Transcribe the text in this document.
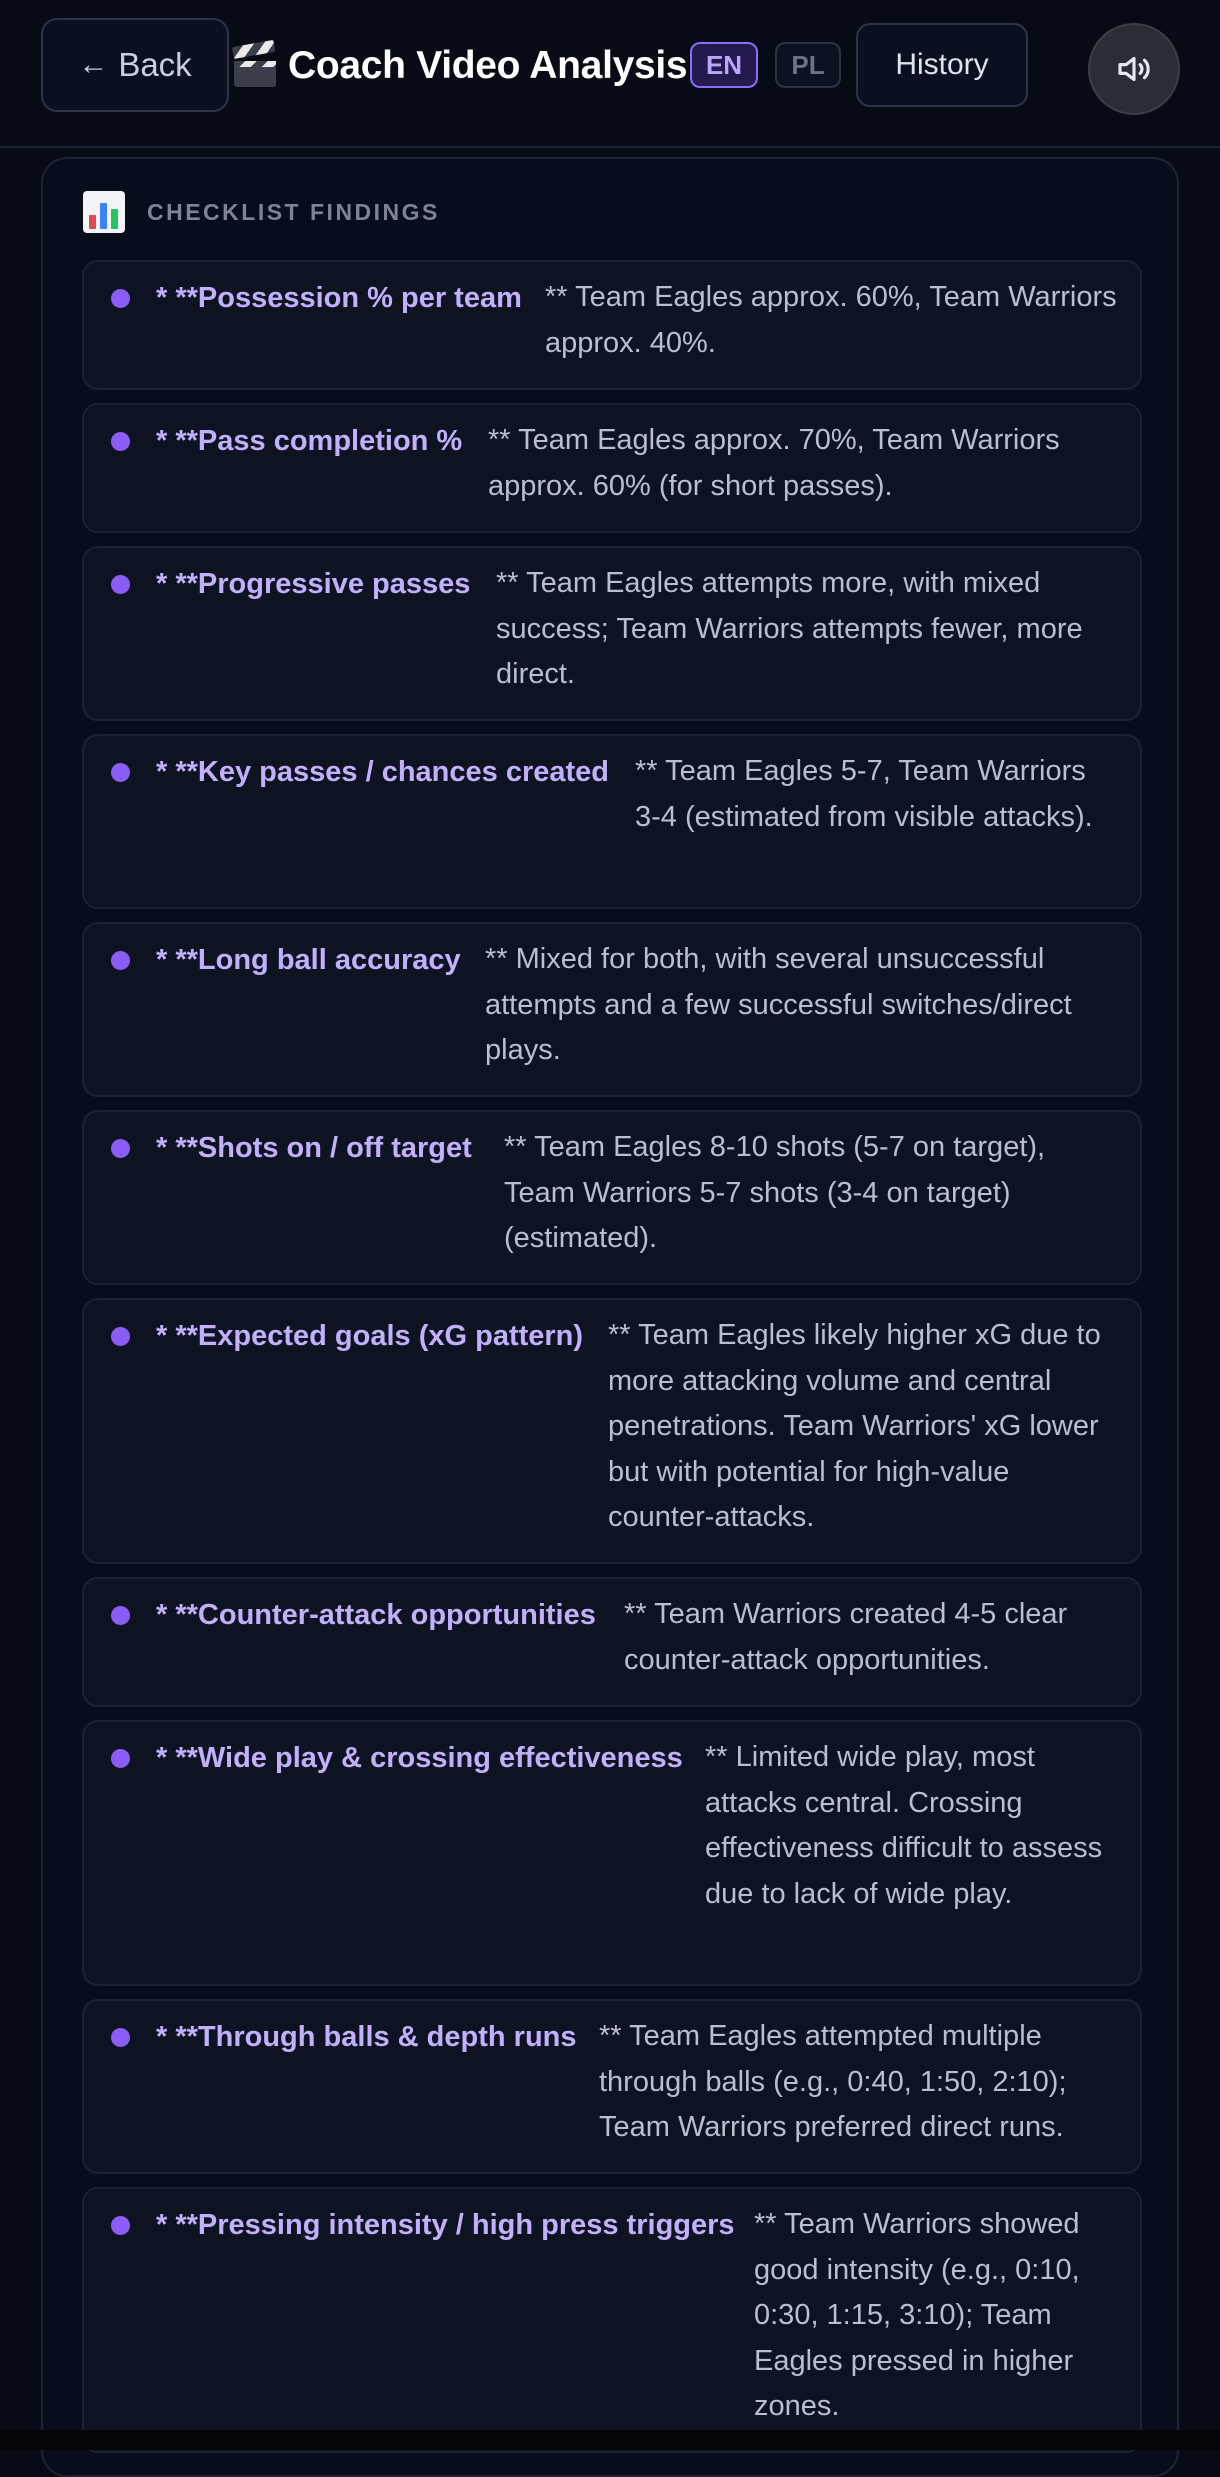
← Back Coach Video Analysis EN	PL	History
CHECKLIST FINDINGS
* **Possession % per team ** Team Eagles approx. 60%, Team Warriors approx. 40%.
* **Pass completion % ** Team Eagles approx. 70%, Team Warriors approx. 60% (for short passes).
* **Progressive passes ** Team Eagles attempts more, with mixed success; Team Warriors attempts fewer, more direct.
* **Key passes / chances created ** Team Eagles 5-7, Team Warriors 3-4 (estimated from visible attacks).
* **Long ball accuracy ** Mixed for both, with several unsuccessful attempts and a few successful switches/direct plays.
* **Shots on / off target ** Team Eagles 8-10 shots (5-7 on target), Team Warriors 5-7 shots (3-4 on target) (estimated).
* **Expected goals (xG pattern) ** Team Eagles likely higher xG due to more attacking volume and central penetrations. Team Warriors' xG lower but with potential for high-value counter-attacks.
* **Counter-attack opportunities ** Team Warriors created 4-5 clear counter-attack opportunities.
* **Wide play & crossing effectiveness ** Limited wide play, most attacks central. Crossing effectiveness difficult to assess due to lack of wide play.
* **Through balls & depth runs ** Team Eagles attempted multiple through balls (e.g., 0:40, 1:50, 2:10); Team Warriors preferred direct runs.
* **Pressing intensity / high press triggers ** Team Warriors showed good intensity (e.g., 0:10, 0:30, 1:15, 3:10); Team Eagles pressed in higher zones.
